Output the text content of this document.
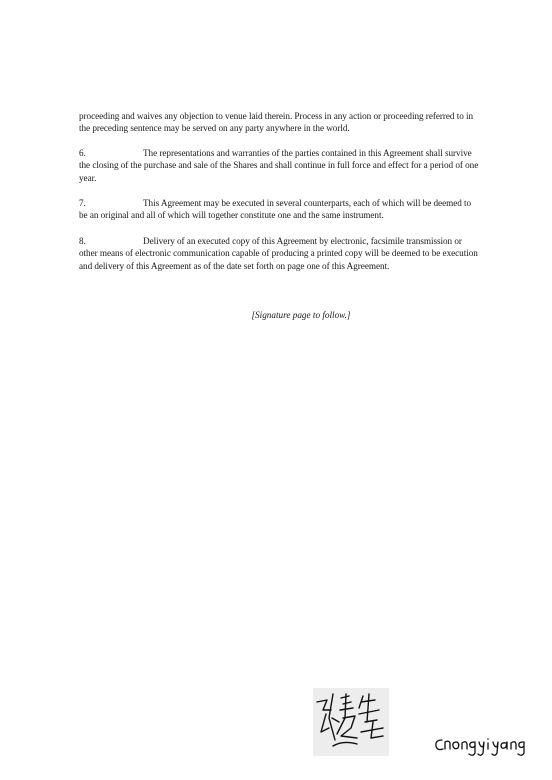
proceeding and waives any objection to venue laid therein. Process in any action or proceeding referred to in the preceding sentence may be served on any party anywhere in the world.

6.	The representations and warranties of the parties contained in this Agreement shall survive the closing of the purchase and sale of the Shares and shall continue in full force and effect for a period of one year.

7.	This Agreement may be executed in several counterparts, each of which will be deemed to be an original and all of which will together constitute one and the same instrument.

8.	Delivery of an executed copy of this Agreement by electronic, facsimile transmission or other means of electronic communication capable of producing a printed copy will be deemed to be execution and delivery of this Agreement as of the date set forth on page one of this Agreement.

[Signature page to follow.]
